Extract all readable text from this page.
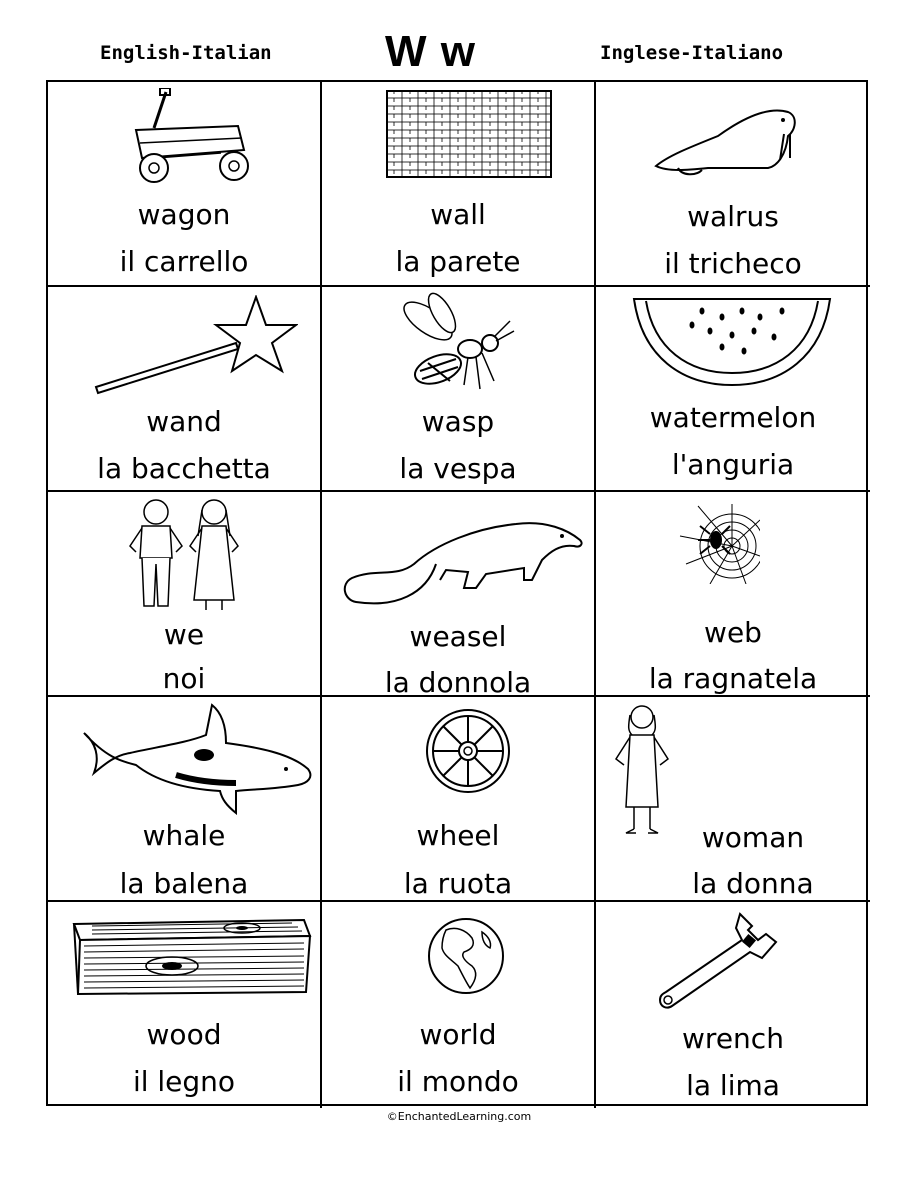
English-Italian	W w	Inglese-Italiano
wagon
il carrello
wall
la parete
walrus
il tricheco
wand
la bacchetta
wasp
la vespa
watermelon
l'anguria
we
noi
weasel
la donnola
web
la ragnatela
whale
la balena
wheel
la ruota
woman
la donna
wood
il legno
world
il mondo
wrench
la lima
©EnchantedLearning.com
